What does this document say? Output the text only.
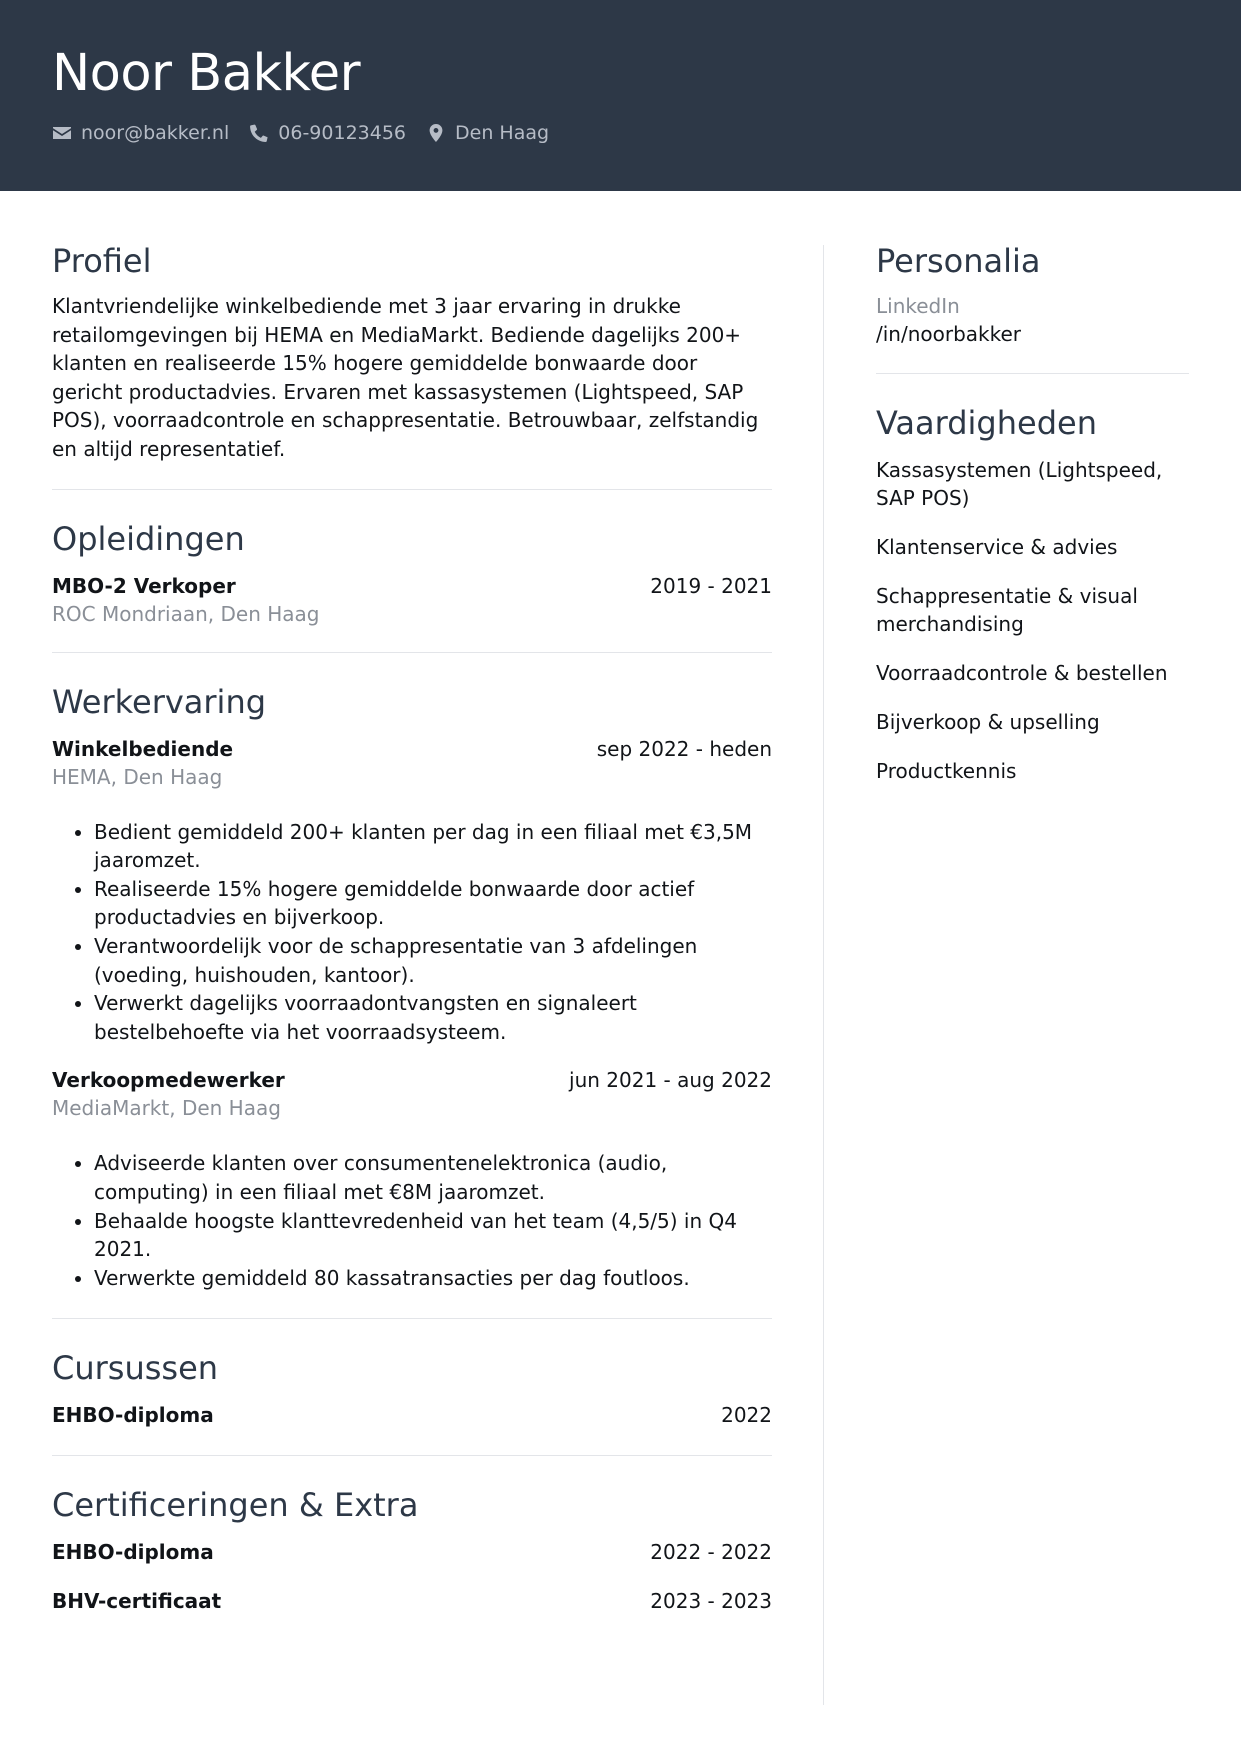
Noor Bakker
noor@bakker.nl	06-90123456	Den Haag
Profiel

Klantvriendelijke winkelbediende met 3 jaar ervaring in drukke retailomgevingen bij HEMA en MediaMarkt. Bediende dagelijks 200+ klanten en realiseerde 15% hogere gemiddelde bonwaarde door gericht productadvies. Ervaren met kassasystemen (Lightspeed, SAP POS), voorraadcontrole en schappresentatie. Betrouwbaar, zelfstandig en altijd representatief.

Opleidingen
MBO-2 Verkoper	2019 - 2021
ROC Mondriaan, Den Haag
Werkervaring
Winkelbediende	sep 2022 - heden
HEMA, Den Haag
• Bedient gemiddeld 200+ klanten per dag in een filiaal met €3,5M jaaromzet.
• Realiseerde 15% hogere gemiddelde bonwaarde door actief productadvies en bijverkoop.
• Verantwoordelijk voor de schappresentatie van 3 afdelingen (voeding, huishouden, kantoor).
• Verwerkt dagelijks voorraadontvangsten en signaleert bestelbehoefte via het voorraadsysteem.
Verkoopmedewerker	jun 2021 - aug 2022
MediaMarkt, Den Haag
• Adviseerde klanten over consumentenelektronica (audio, computing) in een filiaal met €8M jaaromzet.
• Behaalde hoogste klanttevredenheid van het team (4,5/5) in Q4 2021.
• Verwerkte gemiddeld 80 kassatransacties per dag foutloos.
Cursussen
EHBO-diploma	2022
Certificeringen & Extra
EHBO-diploma	2022 - 2022
BHV-certificaat	2023 - 2023
Personalia
LinkedIn
/in/noorbakker
Vaardigheden
Kassasystemen (Lightspeed, SAP POS)
Klantenservice & advies
Schappresentatie & visual merchandising
Voorraadcontrole & bestellen
Bijverkoop & upselling
Productkennis
